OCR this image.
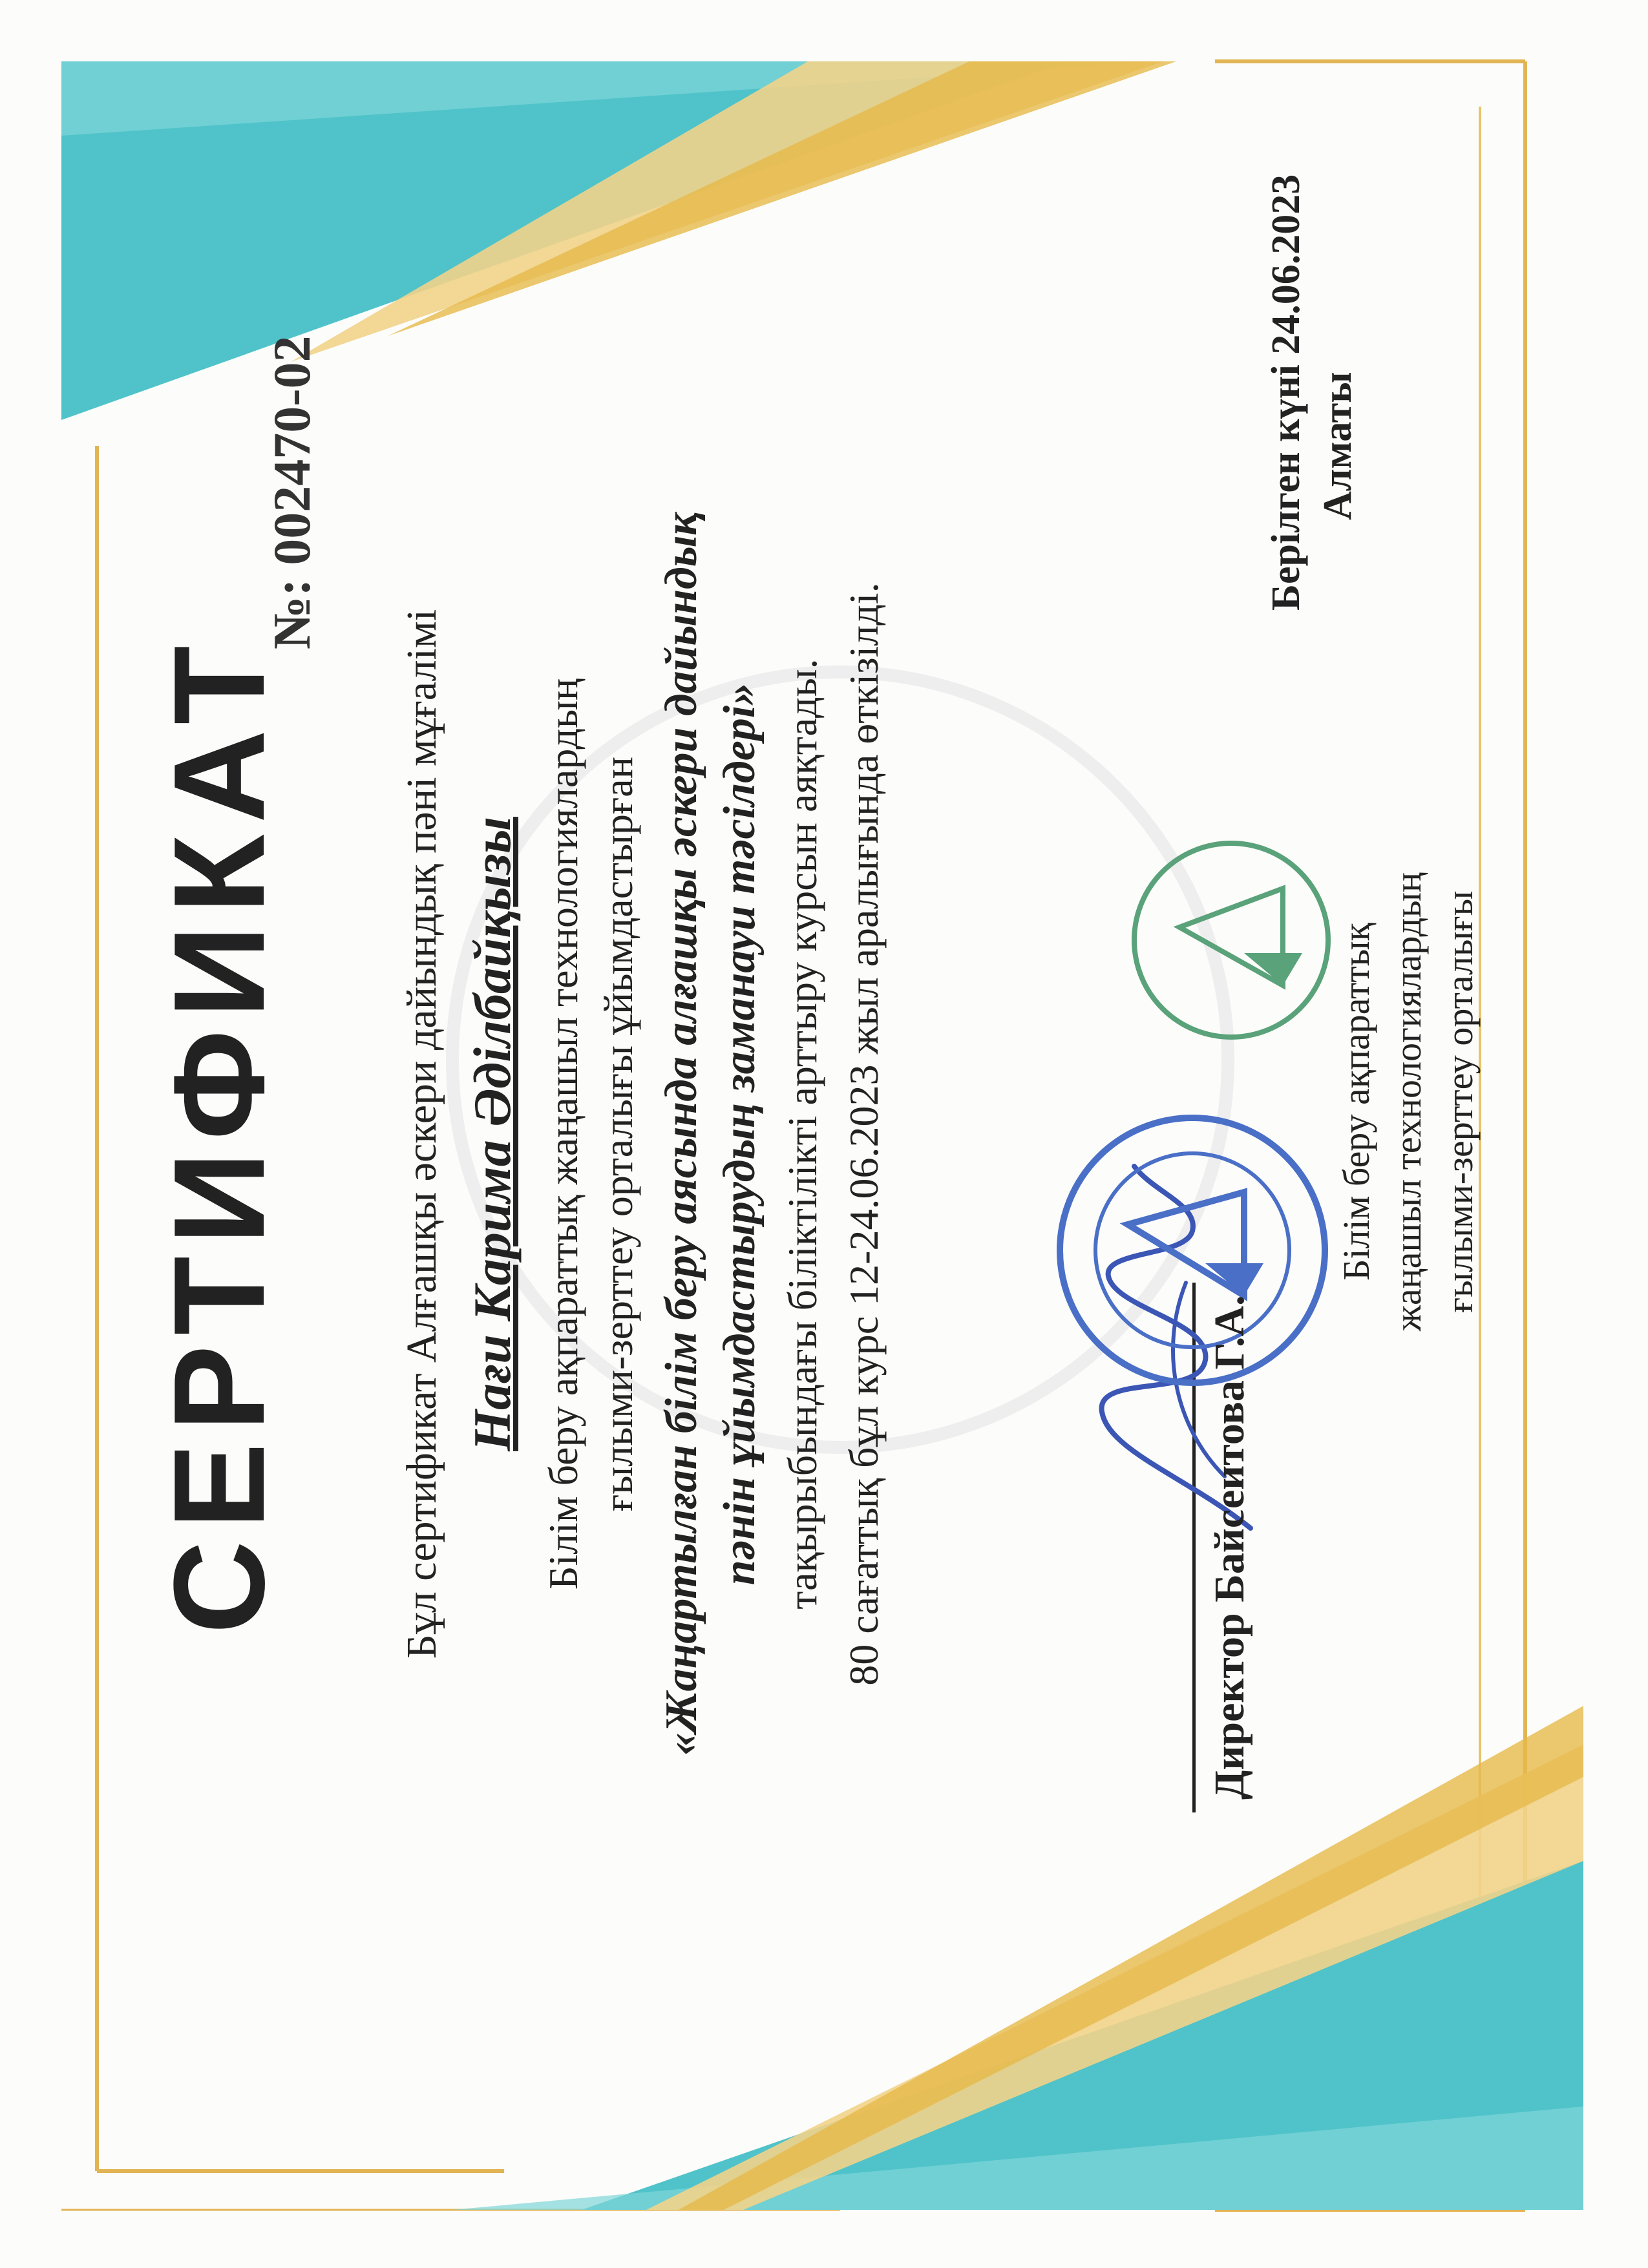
СЕРТИФИКАТ
№: 002470-02
Бұл сертификат Алғашқы әскери дайындық пәні мұғалімі Нағи Карима Әділбайқызы Білім беру ақпараттық жаңашыл технологиялардың ғылыми-зерттеу орталығы ұйымдастырған «Жаңартылған білім беру аясында алғашқы әскери дайындық пәнін ұйымдастырудың заманауи тәсілдері» тақырыбындағы біліктілікті арттыру курсын аяқтады. 80 сағаттық бұл курс 12-24.06.2023 жыл аралығында өткізілді.	Директор Байсеитова Г.А.
Білім беру ақпараттық жаңашыл технологиялардың ғылыми-зерттеу орталығы
Берілген күні 24.06.2023 Алматы
